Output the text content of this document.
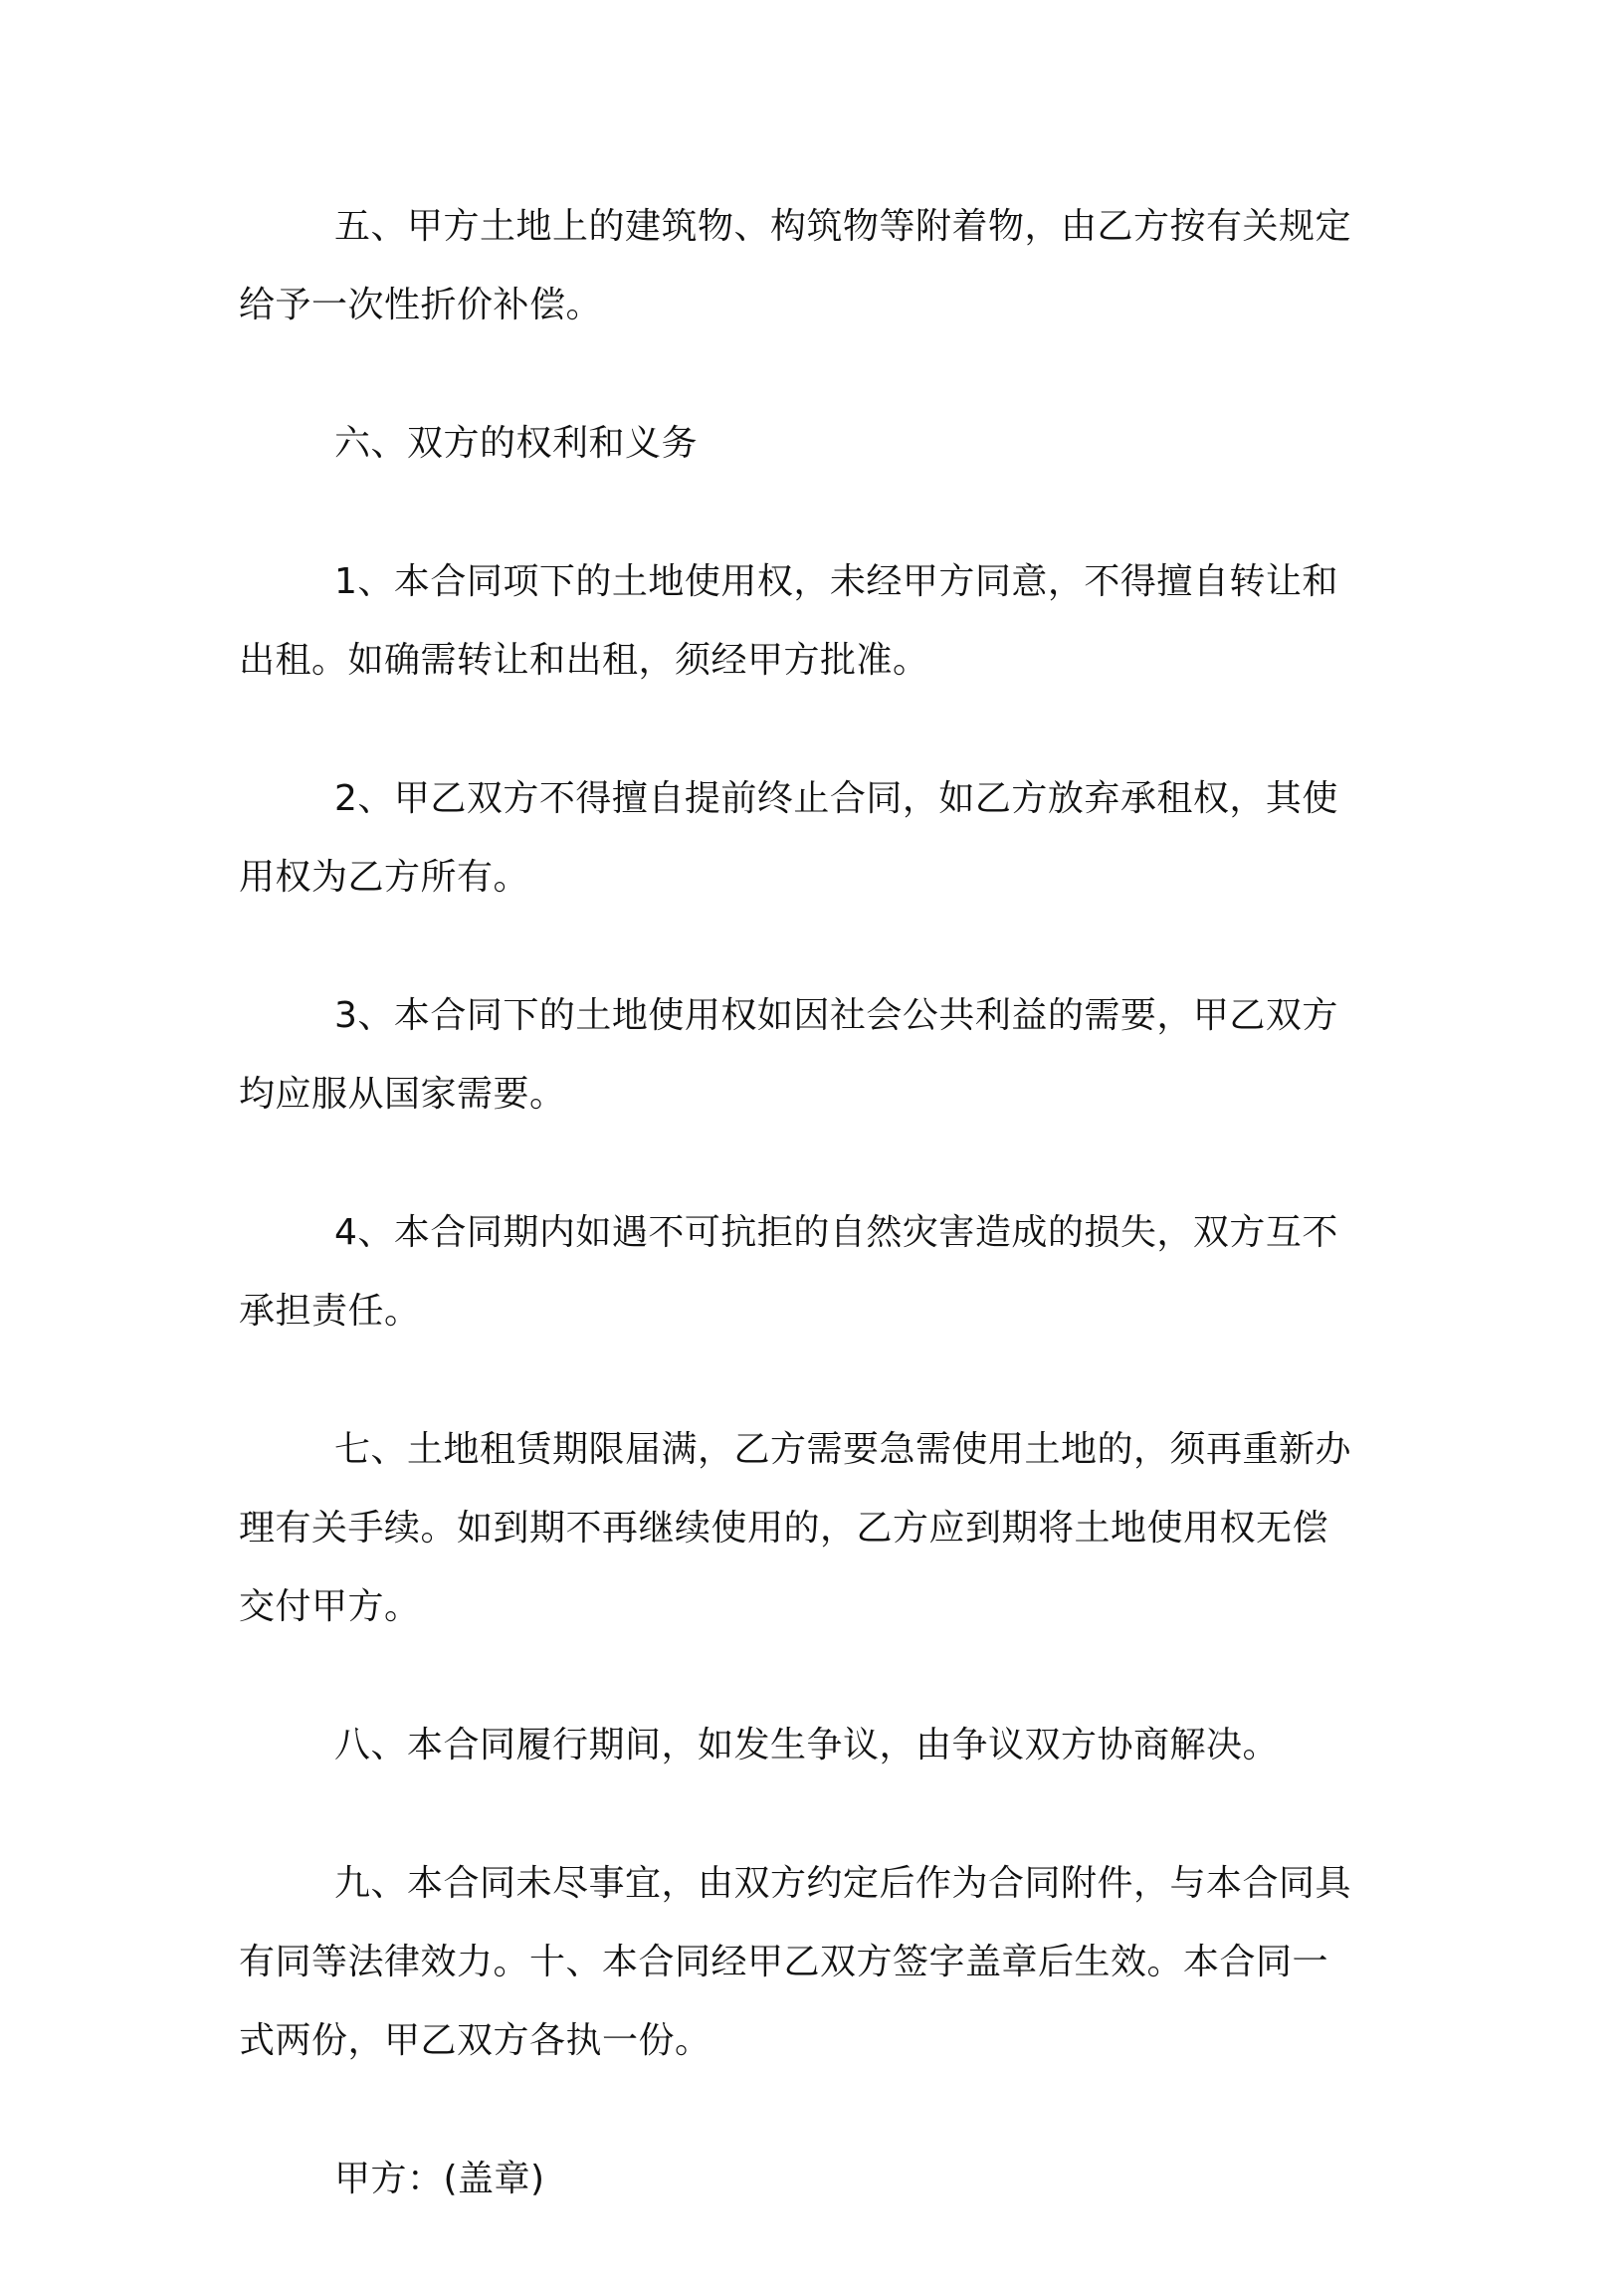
五、甲方土地上的建筑物、构筑物等附着物，由乙方按有关规定
给予一次性折价补偿。

六、双方的权利和义务

1、本合同项下的土地使用权，未经甲方同意，不得擅自转让和
出租。如确需转让和出租，须经甲方批准。

2、甲乙双方不得擅自提前终止合同，如乙方放弃承租权，其使
用权为乙方所有。

3、本合同下的土地使用权如因社会公共利益的需要，甲乙双方
均应服从国家需要。

4、本合同期内如遇不可抗拒的自然灾害造成的损失，双方互不
承担责任。

七、土地租赁期限届满，乙方需要急需使用土地的，须再重新办
理有关手续。如到期不再继续使用的，乙方应到期将土地使用权无偿
交付甲方。

八、本合同履行期间，如发生争议，由争议双方协商解决。

九、本合同未尽事宜，由双方约定后作为合同附件，与本合同具
有同等法律效力。十、本合同经甲乙双方签字盖章后生效。本合同一
式两份，甲乙双方各执一份。

甲方：(盖章)
